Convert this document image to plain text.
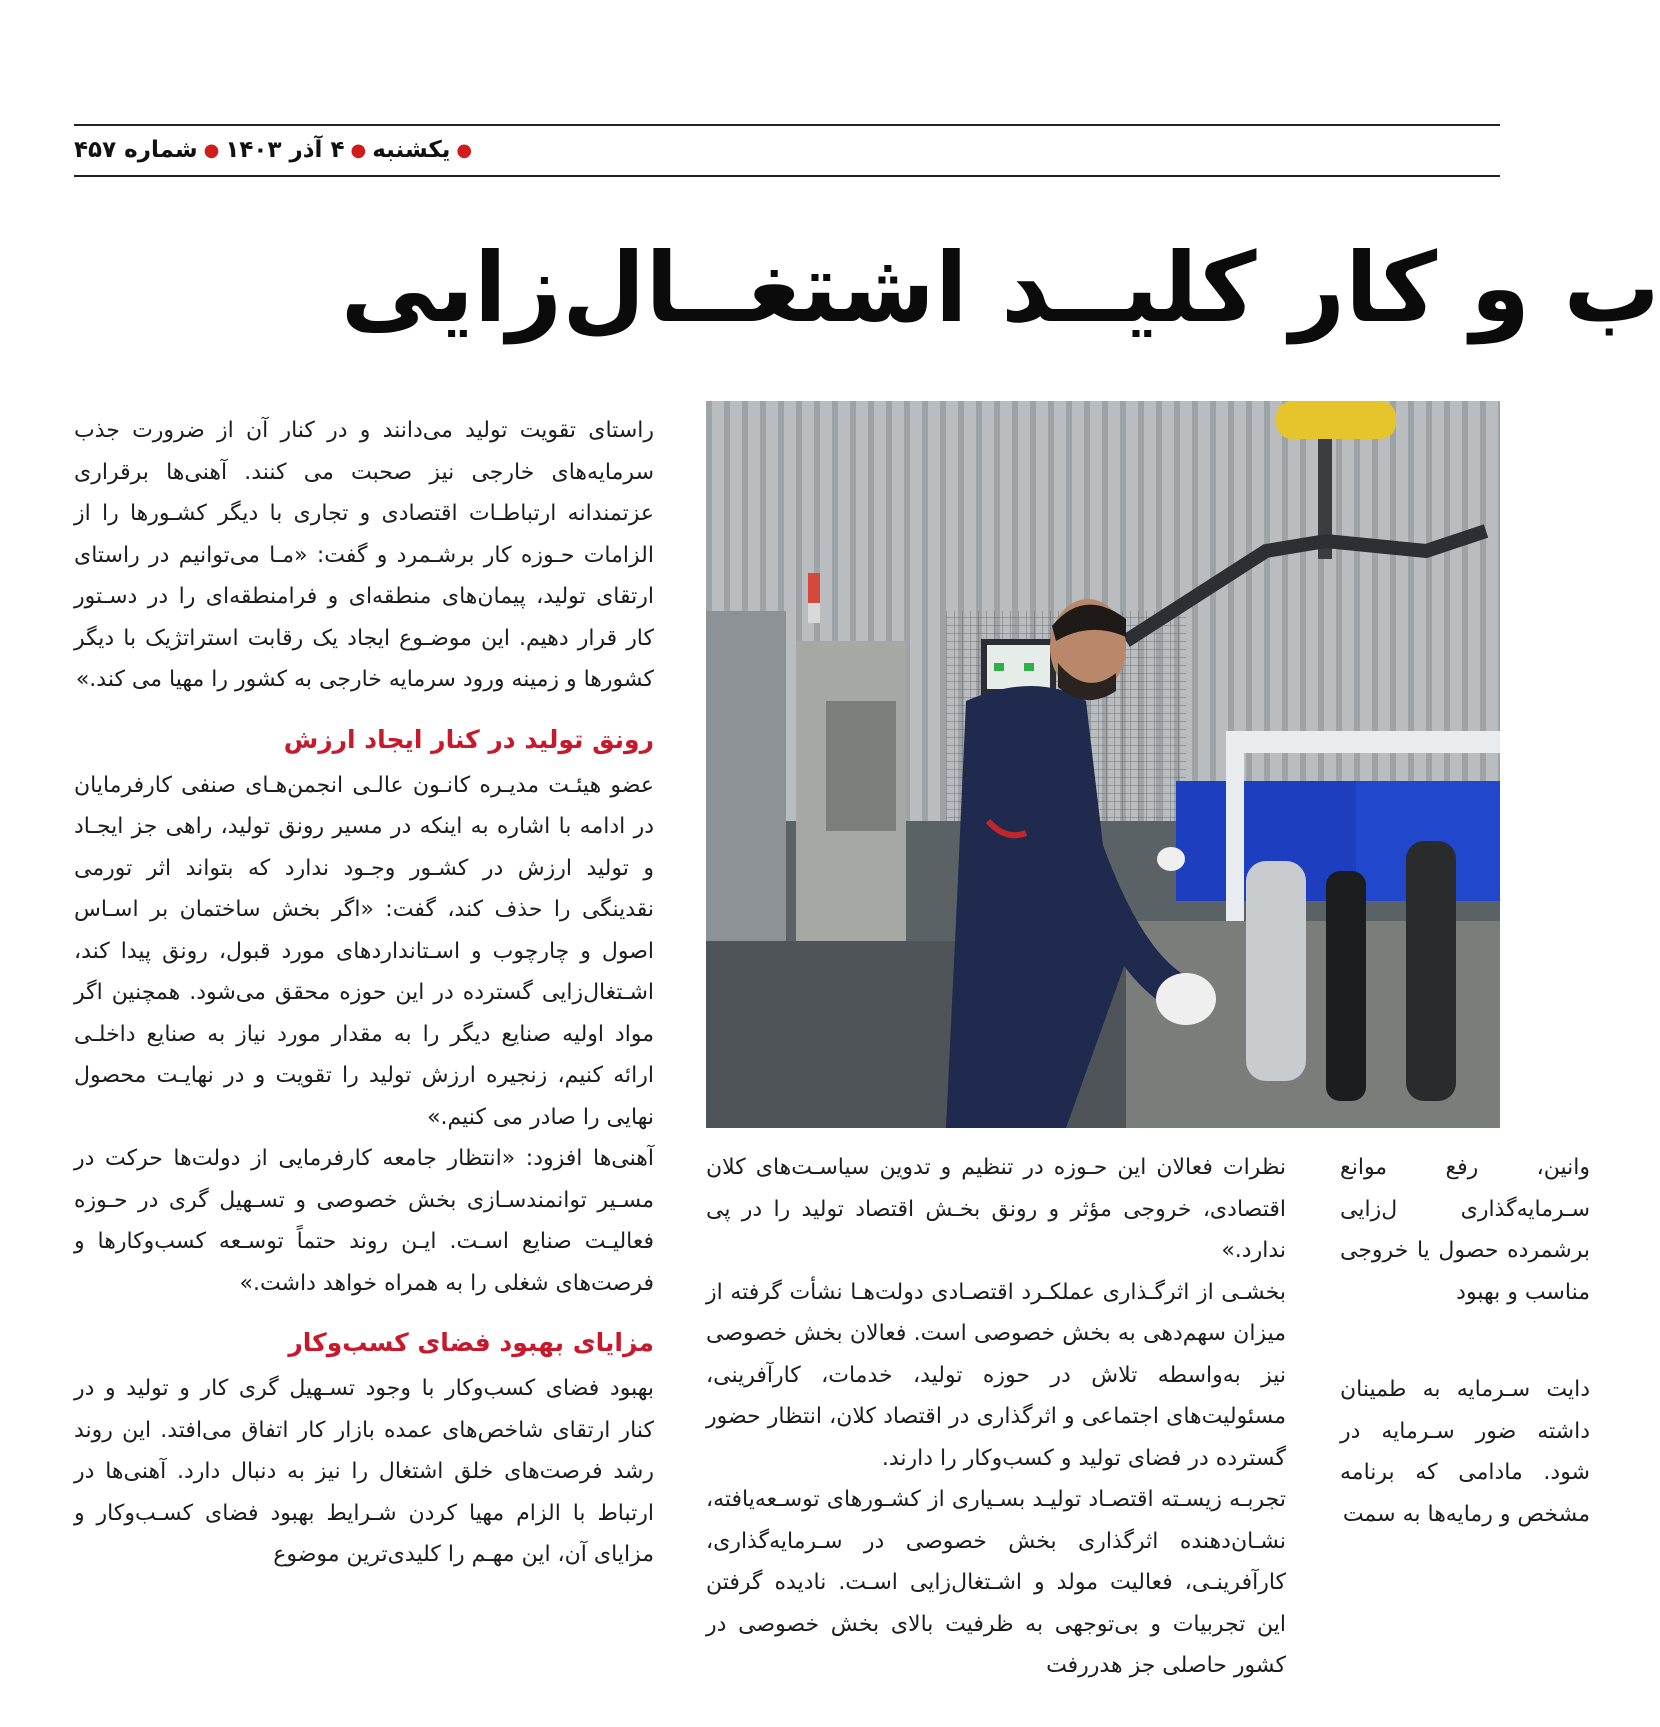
●
یکشنبه
●
۴ آذر ۱۴۰۳
●
شماره ۴۵۷
ب و کار کلیــد اشتغــال‌زایی

راستای تقویت تولید می‌دانند و در کنار آن از ضرورت جذب سرمایه‌های خارجی نیز صحبت می کنند. آهنی‌ها برقراری عزتمندانه ارتباطـات اقتصادی و تجاری با دیگر کشـورها را از الزامات حـوزه کار برشـمرد و گفت: «مـا می‌توانیم در راستای ارتقای تولید، پیمان‌های منطقه‌ای و فرامنطقه‌ای را در دسـتور کار قرار دهیم. این موضـوع ایجاد یک رقابت استراتژیک با دیگر کشورها و زمینه ورود سرمایه خارجی به کشور را مهیا می کند.»

رونق تولید در کنار ایجاد ارزش

عضو هیئـت مدیـره کانـون عالـی انجمن‌هـای صنفی کارفرمایان در ادامه با اشاره به اینکه در مسیر رونق تولید، راهی جز ایجـاد و تولید ارزش در کشـور وجـود ندارد که بتواند اثر تورمی نقدینگی را حذف کند، گفت: «اگر بخش ساختمان بر اسـاس اصول و چارچوب و اسـتانداردهای مورد قبول، رونق پیدا کند، اشـتغال‌زایی گسترده در این حوزه محقق می‌شود. همچنین اگر مواد اولیه صنایع دیگر را به مقدار مورد نیاز به صنایع داخلـی ارائه کنیم، زنجیره ارزش تولید را تقویت و در نهایـت محصول نهایی را صادر می کنیم.»

آهنی‌ها افزود: «انتظار جامعه کارفرمایی از دولت‌ها حرکت در مسـیر توانمندسـازی بخش خصوصی و تسـهیل گری در حـوزه فعالیـت صنایع اسـت. ایـن روند حتماً توسـعه کسب‌وکارها و فرصت‌های شغلی را به همراه خواهد داشت.»

مزایای بهبود فضای کسب‌وکار

بهبود فضای کسب‌وکار با وجود تسـهیل گری کار و تولید و در کنار ارتقای شاخص‌های عمده بازار کار اتفاق می‌افتد. این روند رشد فرصت‌های خلق اشتغال را نیز به دنبال دارد. آهنی‌ها در ارتباط با الزام مهیا کردن شـرایط بهبود فضای کسـب‌وکار و مزایای آن، این مهـم را کلیدی‌ترین موضوع

نظرات فعالان این حـوزه در تنظیم و تدوین سیاسـت‌های کلان اقتصادی، خروجی مؤثر و رونق بخـش اقتصاد تولید را در پی ندارد.»

بخشـی از اثرگـذاری عملکـرد اقتصـادی دولت‌هـا نشأت گرفته از میزان سهم‌دهی به بخش خصوصی است. فعالان بخش خصوصی نیز به‌واسطه تلاش در حوزه تولید، خدمات، کارآفرینی، مسئولیت‌های اجتماعی و اثرگذاری در اقتصاد کلان، انتظار حضور گسترده در فضای تولید و کسب‌وکار را دارند.

تجربـه زیسـته اقتصـاد تولیـد بسـیاری از کشـورهای توسـعه‌یافته، نشـان‌دهنده اثرگذاری بخش خصوصی در سـرمایه‌گذاری، کارآفرینـی، فعالیت مولد و اشـتغال‌زایی اسـت. نادیده گرفتن این تجربیات و بی‌توجهی به ظرفیت بالای بخش خصوصی در کشور حاصلی جز هدررفت

وانین، رفع موانع سـرمایه‌گذاری ل‌زایی برشمرده حصول یا خروجی مناسب و بهبود

دایت سـرمایه به طمینان داشته ضور سـرمایه در شود. مادامی که برنامه مشخص و رمایه‌ها به سمت
